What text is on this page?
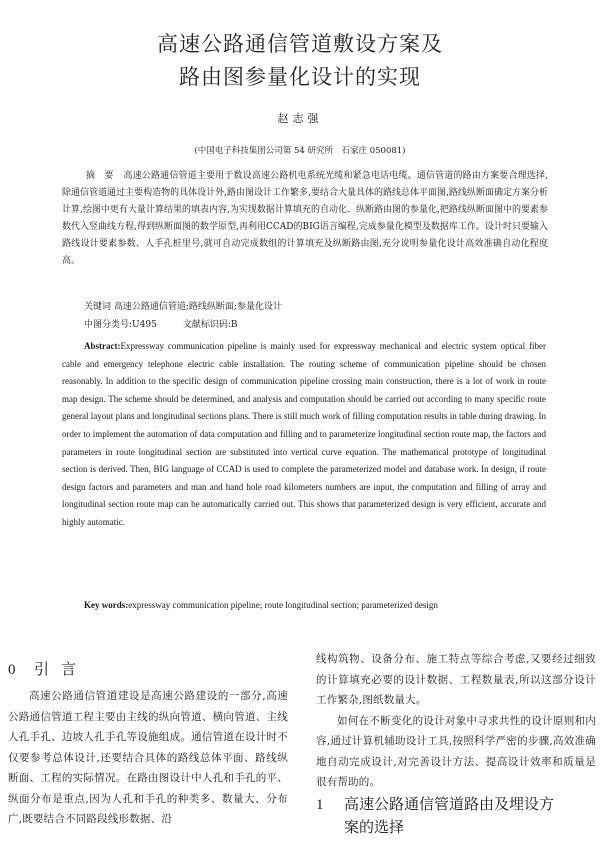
高速公路通信管道敷设方案及
路由图参量化设计的实现
赵志强
(中国电子科技集团公司第 54 研究所　石家庄 050081)
摘　要 高速公路通信管道主要用于数设高速公路机电系统光缆和紧急电话电缆。通信管道的路由方案要合理选择,除通信管道通过主要构造物的具体设计外,路由图设计工作繁多,要结合大量具体的路线总体平面图,路线纵断面确定方案分析计算,绘图中更有大量计算结果的填表内容,为实现数据计算填充的自动化、纵断路由图的参量化,把路线纵断面图中的要素参数代入竖曲线方程,得到纵断面图的数学原型,再利用CCAD的BIG语言编程,完成参量化模型及数据库工作。设计时只要输入路线设计要素参数、人手孔桩里号,就可自动完成数组的计算填充及纵断路由图,充分说明参量化设计高效准确自动化程度高。
关键词 高速公路通信管道;路线纵断面;参量化设计
中图分类号:U495	文献标识码:B
Abstract:Expressway communication pipeline is mainly used for expressway mechanical and electric system optical fiber cable and emergency telephone electric cable installation. The routing scheme of communication pipeline should be chosen reasonably. In addition to the specific design of communication pipeline crossing main construction, there is a lot of work in route map design. The scheme should be determined, and analysis and computation should be carried out according to many specific route general layout plans and longitudinal sections plans. There is still much work of filling computation results in table during drawing. In order to implement the automation of data computation and filling and to parameterize longitudinal section route map, the factors and parameters in route longitudinal section are substituted into vertical curve equation. The mathematical prototype of longitudinal section is derived. Then, BIG language of CCAD is used to complete the parameterized model and database work. In design, if route design factors and parameters and man and hand hole road kilometers numbers are input, the computation and filling of array and longitudinal section route map can be automatically carried out. This shows that parameterized design is very efficient, accurate and highly automatic.
Key words:expressway communication pipeline; route longitudinal section; parameterized design
0 引言

高速公路通信管道建设是高速公路建设的一部分,高速公路通信管道工程主要由主线的纵向管道、横向管道、主线人孔手孔、边坡人孔手孔等设施组成。通信管道在设计时不仅要参考总体设计,还要结合具体的路线总体平面、路线纵断面、工程的实际情况。在路由图设计中人孔和手孔的平、纵面分布是重点,因为人孔和手孔的种类多、数量大、分布广,既要结合不同路段线形数据、沿

线构筑物、设备分布、施工特点等综合考虑,又要经过细致的计算填充必要的设计数据、工程数量表,所以这部分设计工作繁杂,图纸数量大。

如何在不断变化的设计对象中寻求共性的设计原则和内容,通过计算机辅助设计工具,按照科学严密的步骤,高效准确地自动完成设计,对完善设计方法、提高设计效率和质量是很有帮助的。

1 高速公路通信管道路由及埋设方
案的选择
